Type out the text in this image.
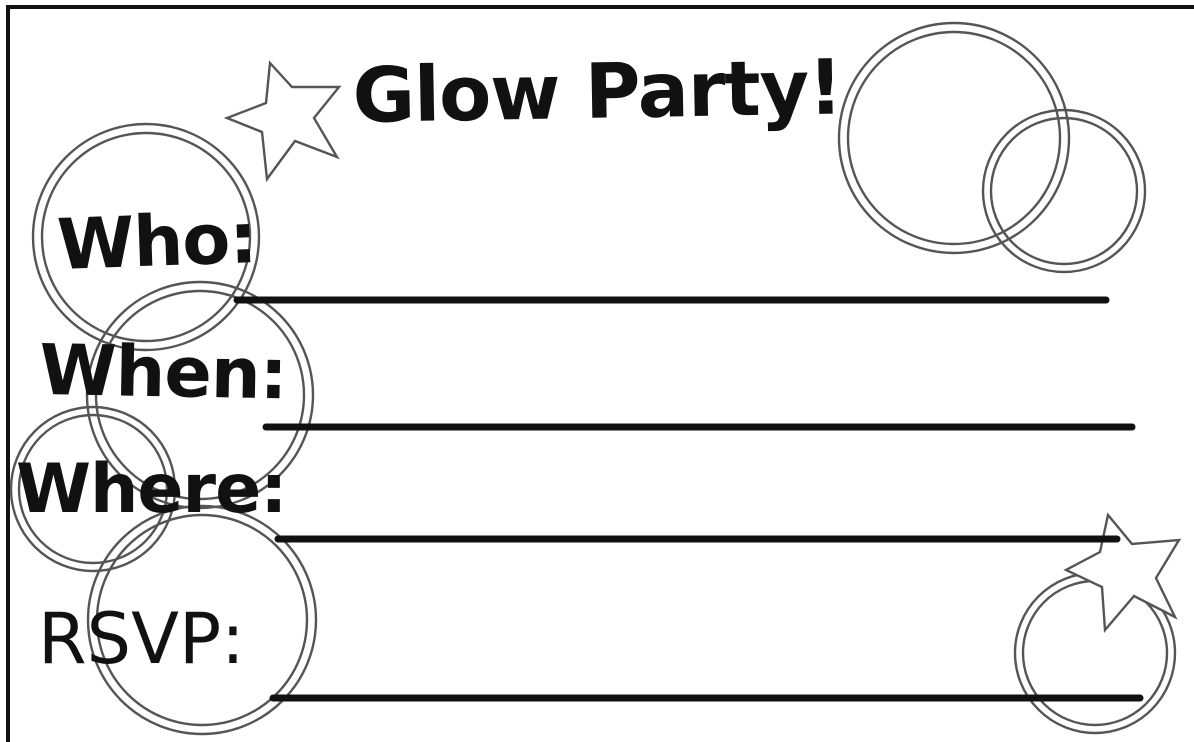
Glow Party!
Who:
When:
Where:
RSVP:
